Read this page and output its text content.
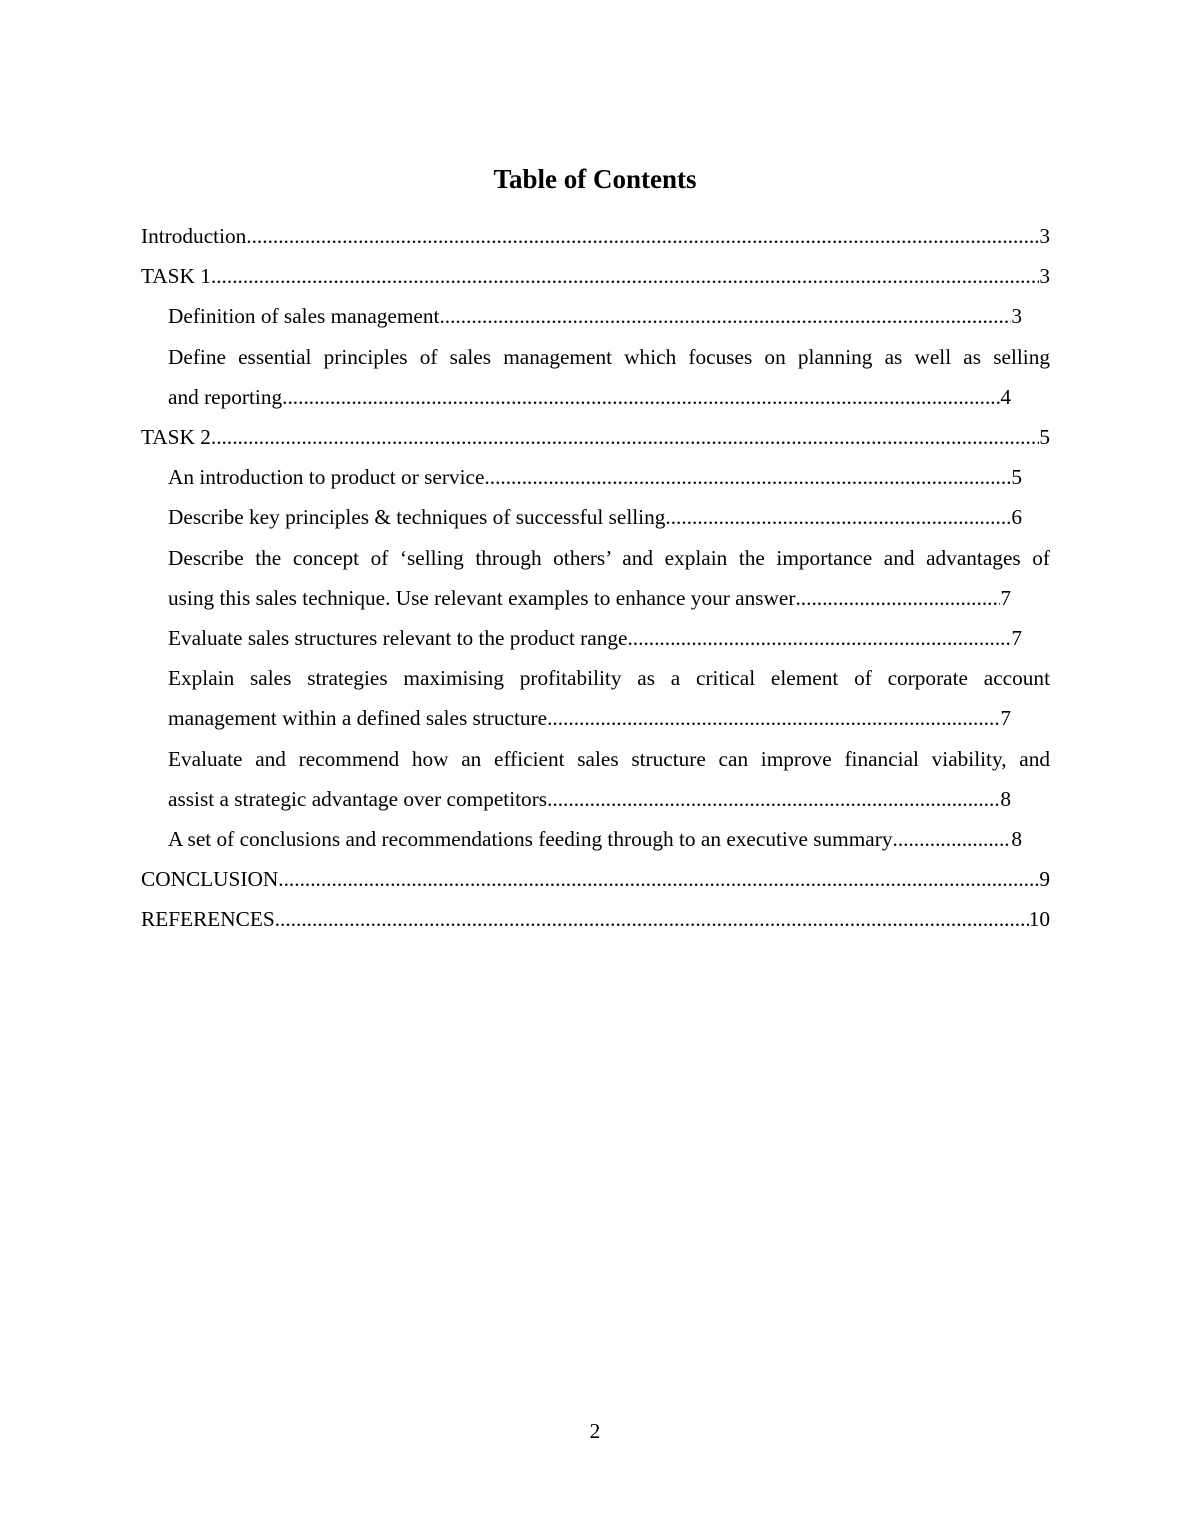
Table of Contents
Introduction .....	3
TASK 1 .....	3
Definition of sales management .....	3
Define essential principles of sales management which focuses on planning as well as selling
and reporting .....	4
TASK 2 .....	5
An introduction to product or service .....	5
Describe key principles & techniques of successful selling .....	6
Describe the concept of ‘selling through others’ and explain the importance and advantages of
using this sales technique. Use relevant examples to enhance your answer .....	7
Evaluate sales structures relevant to the product range .....	7
Explain sales strategies maximising profitability as a critical element of corporate account
management within a defined sales structure .....	7
Evaluate and recommend how an efficient sales structure can improve financial viability, and
assist a strategic advantage over competitors .....	8
A set of conclusions and recommendations feeding through to an executive summary .....	8
CONCLUSION .....	9
REFERENCES .....	10
2
